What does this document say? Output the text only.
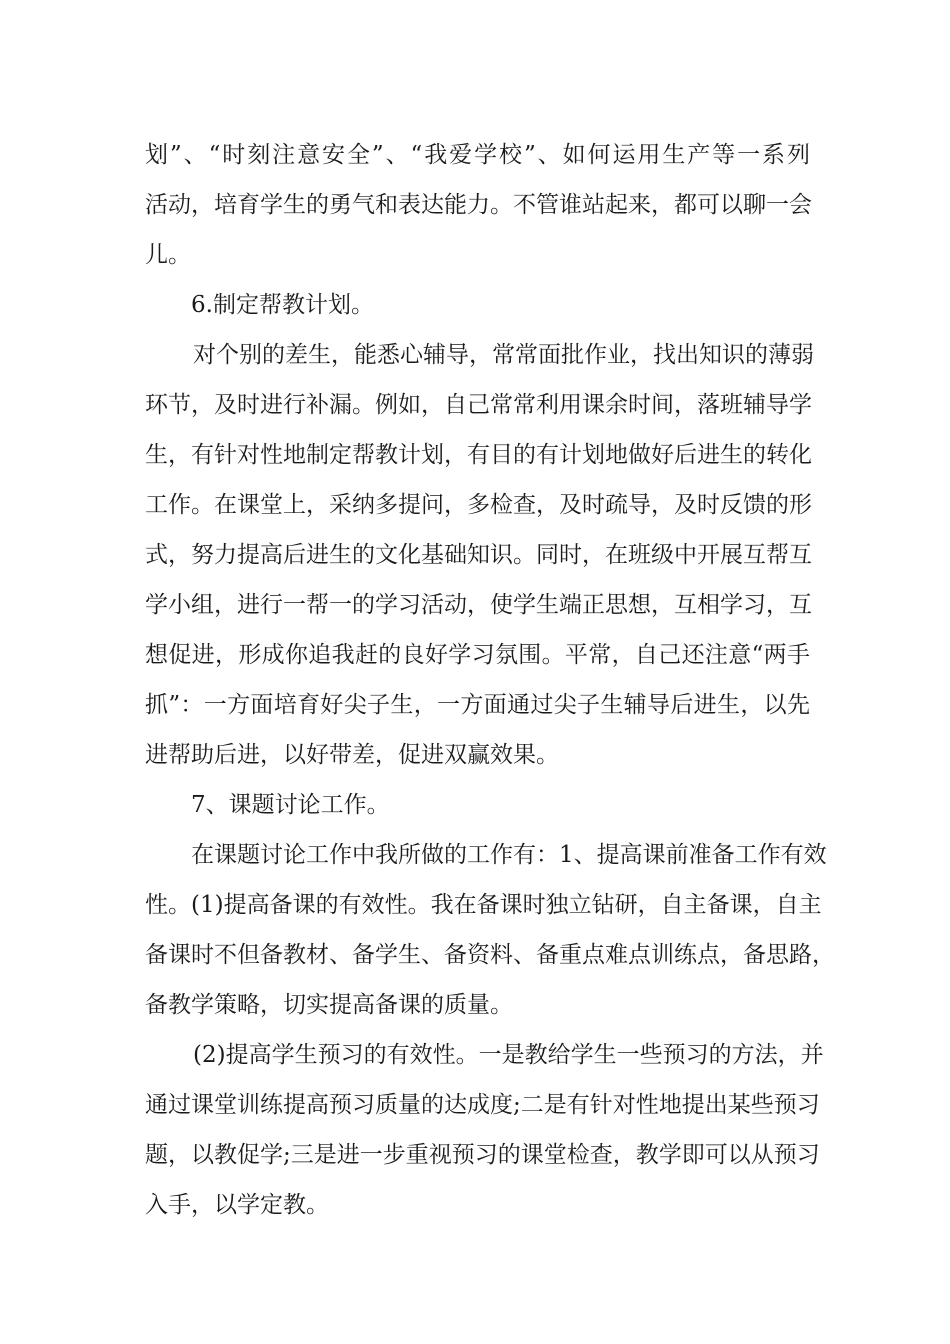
划”、“时刻注意安全”、“我爱学校”、如何运用生产等一系列
活动，培育学生的勇气和表达能力。不管谁站起来，都可以聊一会
儿。

6.制定帮教计划。

对个别的差生，能悉心辅导，常常面批作业，找出知识的薄弱
环节，及时进行补漏。例如，自己常常利用课余时间，落班辅导学
生，有针对性地制定帮教计划，有目的有计划地做好后进生的转化
工作。在课堂上，采纳多提问，多检查，及时疏导，及时反馈的形
式，努力提高后进生的文化基础知识。同时，在班级中开展互帮互
学小组，进行一帮一的学习活动，使学生端正思想，互相学习，互
想促进，形成你追我赶的良好学习氛围。平常，自己还注意“两手
抓”：一方面培育好尖子生，一方面通过尖子生辅导后进生，以先
进帮助后进，以好带差，促进双赢效果。

7、课题讨论工作。

在课题讨论工作中我所做的工作有：1、提高课前准备工作有效
性。(1)提高备课的有效性。我在备课时独立钻研，自主备课，自主
备课时不但备教材、备学生、备资料、备重点难点训练点，备思路，
备教学策略，切实提高备课的质量。

(2)提高学生预习的有效性。一是教给学生一些预习的方法，并
通过课堂训练提高预习质量的达成度;二是有针对性地提出某些预习
题，以教促学;三是进一步重视预习的课堂检查，教学即可以从预习
入手，以学定教。
